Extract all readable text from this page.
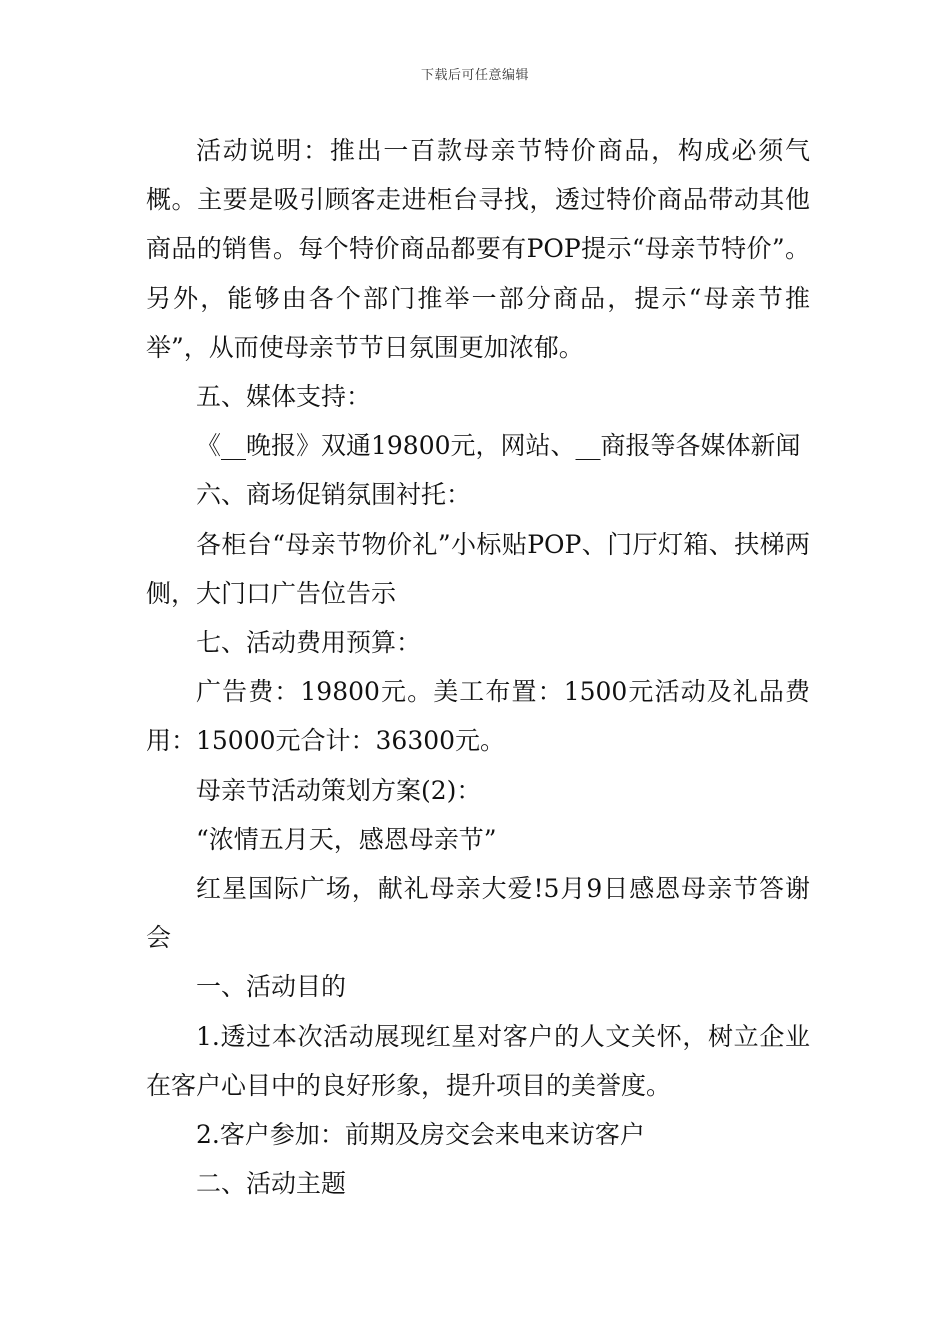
下载后可任意编辑

活动说明：推出一百款母亲节特价商品，构成必须气概。主要是吸引顾客走进柜台寻找，透过特价商品带动其他商品的销售。每个特价商品都要有POP提示“母亲节特价”。另外，能够由各个部门推举一部分商品，提示“母亲节推举”，从而使母亲节节日氛围更加浓郁。

五、媒体支持：

《__晚报》双通19800元，网站、__商报等各媒体新闻

六、商场促销氛围衬托：

各柜台“母亲节物价礼”小标贴POP、门厅灯箱、扶梯两侧，大门口广告位告示

七、活动费用预算：

广告费：19800元。美工布置：1500元活动及礼品费用：15000元合计：36300元。

母亲节活动策划方案(2)：

“浓情五月天，感恩母亲节”

红星国际广场，献礼母亲大爱!5月9日感恩母亲节答谢会

一、活动目的

1.透过本次活动展现红星对客户的人文关怀，树立企业在客户心目中的良好形象，提升项目的美誉度。

2.客户参加：前期及房交会来电来访客户

二、活动主题
